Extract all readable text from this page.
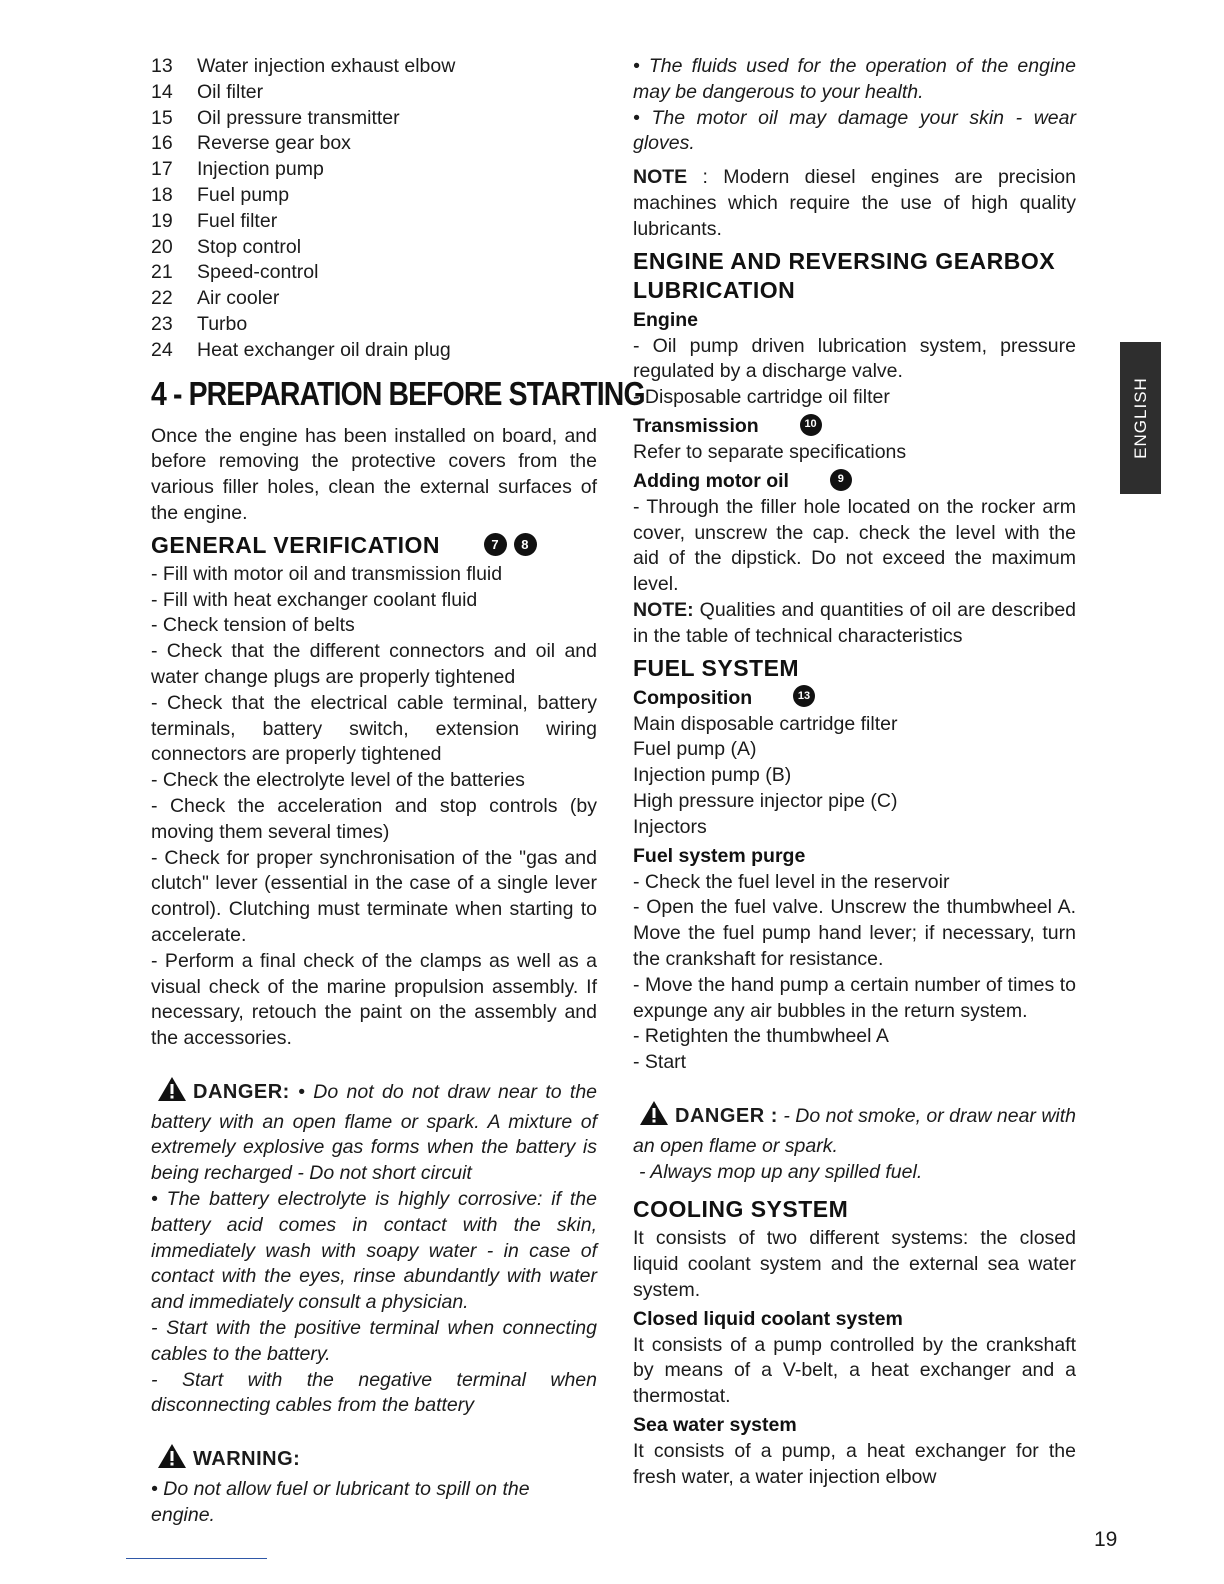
13	Water injection exhaust elbow
14	Oil filter
15	Oil pressure transmitter
16	Reverse gear box
17	Injection pump
18	Fuel pump
19	Fuel filter
20	Stop control
21	Speed-control
22	Air cooler
23	Turbo
24	Heat exchanger oil drain plug
4 - PREPARATION BEFORE STARTING

Once the engine has been installed on board, and before removing the protective covers from the various filler holes, clean the external surfaces of the engine.

GENERAL VERIFICATION	7 8

- Fill with motor oil and transmission fluid

- Fill with heat exchanger coolant fluid

- Check tension of belts

- Check that the different connectors and oil and water change plugs are properly tightened

- Check that the electrical cable terminal, battery terminals, battery switch, extension wiring connectors are properly tightened

- Check the electrolyte level of the batteries

- Check the acceleration and stop controls (by moving them several times)

- Check for proper synchronisation of the "gas and clutch" lever (essential in the case of a single lever control). Clutching must terminate when starting to accelerate.

- Perform a final check of the clamps as well as a visual check of the marine propulsion assembly. If necessary, retouch the paint on the assembly and the accessories.

DANGER: • Do not do not draw near to the battery with an open flame or spark. A mixture of extremely explosive gas forms when the battery is being recharged - Do not short circuit

• The battery electrolyte is highly corrosive: if the battery acid comes in contact with the skin, immediately wash with soapy water - in case of contact with the eyes, rinse abundantly with water and immediately consult a physician.

- Start with the positive terminal when connecting cables to the battery.

- Start with the negative terminal when disconnecting cables from the battery

WARNING:

• Do not allow fuel or lubricant to spill on the engine.

• The fluids used for the operation of the engine may be dangerous to your health.

• The motor oil may damage your skin - wear gloves.

NOTE : Modern diesel engines are precision machines which require the use of high quality lubricants.

ENGINE AND REVERSING GEARBOX LUBRICATION
Engine

- Oil pump driven lubrication system, pressure regulated by a discharge valve.

- Disposable cartridge oil filter

Transmission	10

Refer to separate specifications

Adding motor oil	9

- Through the filler hole located on the rocker arm cover, unscrew the cap. check the level with the aid of the dipstick. Do not exceed the maximum level.

NOTE: Qualities and quantities of oil are described in the table of technical characteristics

FUEL SYSTEM
Composition	13

Main disposable cartridge filter

Fuel pump (A)

Injection pump (B)

High pressure injector pipe (C)

Injectors

Fuel system purge

- Check the fuel level in the reservoir

- Open the fuel valve. Unscrew the thumbwheel A. Move the fuel pump hand lever; if necessary, turn the crankshaft for resistance.

- Move the hand pump a certain number of times to expunge any air bubbles in the return system.

- Retighten the thumbwheel A

- Start

DANGER : - Do not smoke, or draw near with an open flame or spark.

- Always mop up any spilled fuel.

COOLING SYSTEM

It consists of two different systems: the closed liquid coolant system and the external sea water system.

Closed liquid coolant system

It consists of a pump controlled by the crankshaft by means of a V-belt, a heat exchanger and a thermostat.

Sea water system

It consists of a pump, a heat exchanger for the fresh water, a water injection elbow

ENGLISH
19
